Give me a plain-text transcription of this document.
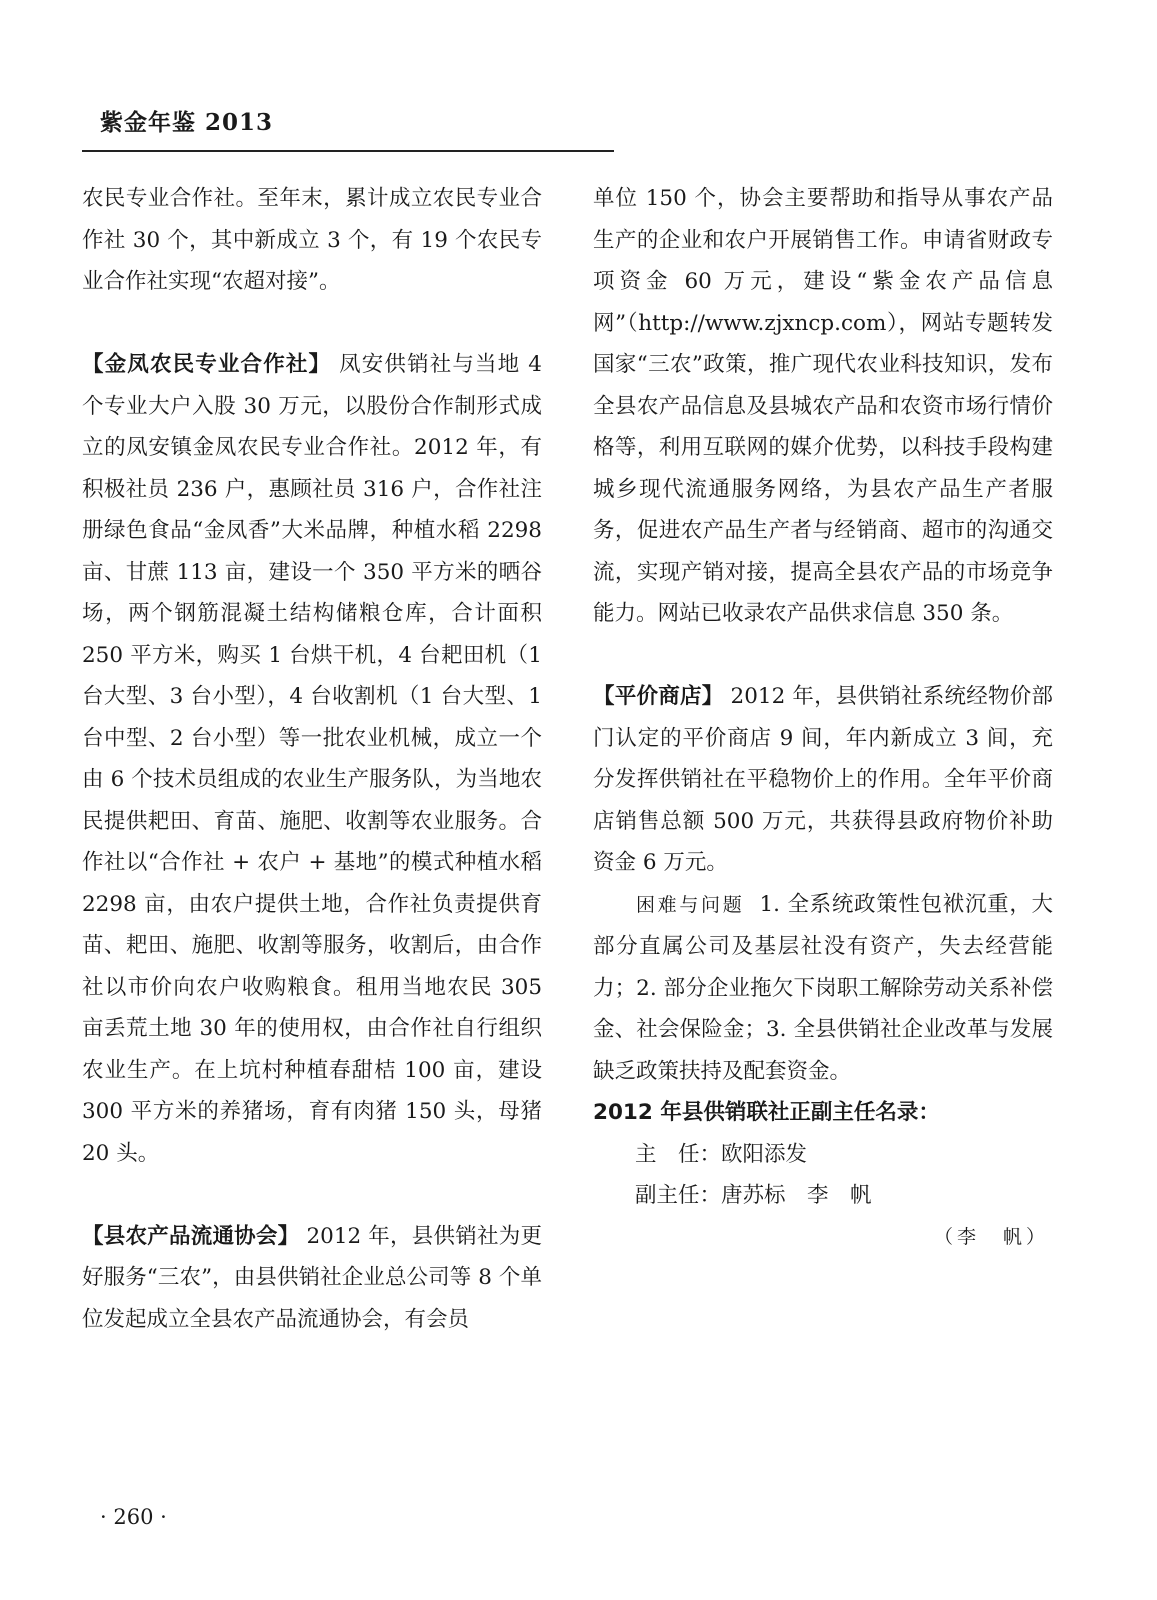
紫金年鉴 2013

农民专业合作社。至年末，累计成立农民专业合作社 30 个，其中新成立 3 个，有 19 个农民专业合作社实现“农超对接”。

【金凤农民专业合作社】 凤安供销社与当地 4 个专业大户入股 30 万元，以股份合作制形式成立的凤安镇金凤农民专业合作社。2012 年，有积极社员 236 户，惠顾社员 316 户，合作社注册绿色食品“金凤香”大米品牌，种植水稻 2298 亩、甘蔗 113 亩，建设一个 350 平方米的晒谷场，两个钢筋混凝土结构储粮仓库，合计面积 250 平方米，购买 1 台烘干机，4 台耙田机（1 台大型、3 台小型），4 台收割机（1 台大型、1 台中型、2 台小型）等一批农业机械，成立一个由 6 个技术员组成的农业生产服务队，为当地农民提供耙田、育苗、施肥、收割等农业服务。合作社以“合作社 + 农户 + 基地”的模式种植水稻 2298 亩，由农户提供土地，合作社负责提供育苗、耙田、施肥、收割等服务，收割后，由合作社以市价向农户收购粮食。租用当地农民 305 亩丢荒土地 30 年的使用权，由合作社自行组织农业生产。在上坑村种植春甜桔 100 亩，建设 300 平方米的养猪场，育有肉猪 150 头，母猪 20 头。

【县农产品流通协会】 2012 年，县供销社为更好服务“三农”，由县供销社企业总公司等 8 个单位发起成立全县农产品流通协会，有会员

单位 150 个，协会主要帮助和指导从事农产品生产的企业和农户开展销售工作。申请省财政专项资金 60 万元，建设“紫金农产品信息网”（http://www.zjxncp.com），网站专题转发国家“三农”政策，推广现代农业科技知识，发布全县农产品信息及县城农产品和农资市场行情价格等，利用互联网的媒介优势，以科技手段构建城乡现代流通服务网络，为县农产品生产者服务，促进农产品生产者与经销商、超市的沟通交流，实现产销对接，提高全县农产品的市场竞争能力。网站已收录农产品供求信息 350 条。

【平价商店】 2012 年，县供销社系统经物价部门认定的平价商店 9 间，年内新成立 3 间，充分发挥供销社在平稳物价上的作用。全年平价商店销售总额 500 万元，共获得县政府物价补助资金 6 万元。

困难与问题 1. 全系统政策性包袱沉重，大部分直属公司及基层社没有资产，失去经营能力；2. 部分企业拖欠下岗职工解除劳动关系补偿金、社会保险金；3. 全县供销社企业改革与发展缺乏政策扶持及配套资金。

2012 年县供销联社正副主任名录：

主　任：欧阳添发

副主任：唐苏标　李　帆

（李　帆）

· 260 ·
